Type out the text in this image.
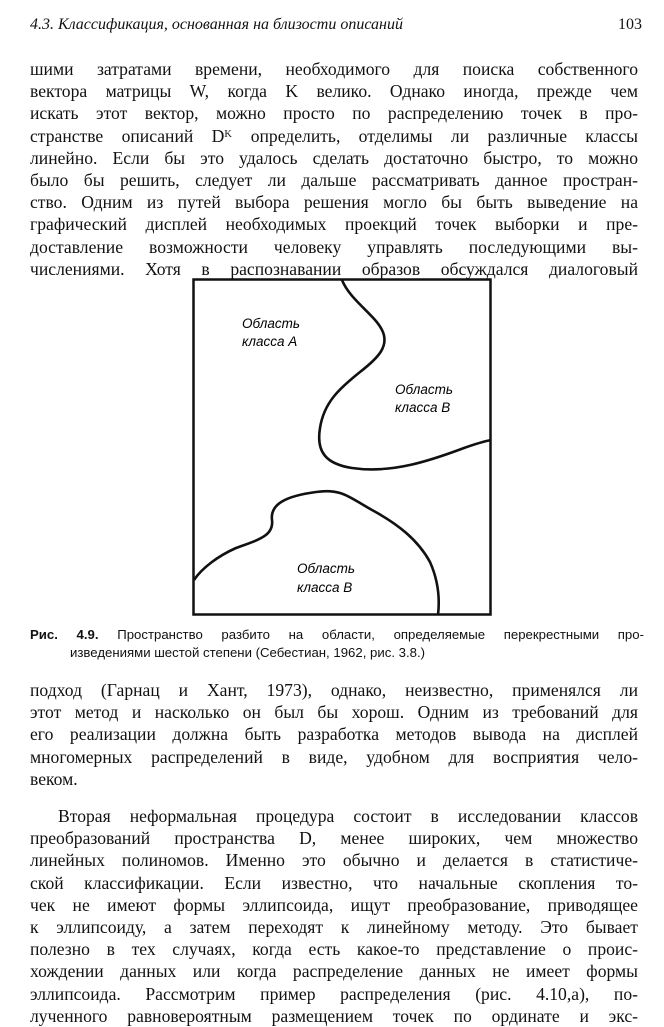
4.3. Классификация, основанная на близости описаний	103
шими затратами времени, необходимого для поиска собственного
вектора матрицы W, когда K велико. Однако иногда, прежде чем
искать этот вектор, можно просто по распределению точек в про-
странстве описаний Dᴷ определить, отделимы ли различные классы
линейно. Если бы это удалось сделать достаточно быстро, то можно
было бы решить, следует ли дальше рассматривать данное простран-
ство. Одним из путей выбора решения могло бы быть выведение на
графический дисплей необходимых проекций точек выборки и пре-
доставление возможности человеку управлять последующими вы-
числениями. Хотя в распознавании образов обсуждался диалоговый
Область
класса А
Область
класса В
Область
класса В
Рис. 4.9. Пространство разбито на области, определяемые перекрестными про-
изведениями шестой степени (Себестиан, 1962, рис. 3.8.)
подход (Гарнац и Хант, 1973), однако, неизвестно, применялся ли
этот метод и насколько он был бы хорош. Одним из требований для
его реализации должна быть разработка методов вывода на дисплей
многомерных распределений в виде, удобном для восприятия чело-
веком.
Вторая неформальная процедура состоит в исследовании классов
преобразований пространства D, менее широких, чем множество
линейных полиномов. Именно это обычно и делается в статистиче-
ской классификации. Если известно, что начальные скопления то-
чек не имеют формы эллипсоида, ищут преобразование, приводящее
к эллипсоиду, а затем переходят к линейному методу. Это бывает
полезно в тех случаях, когда есть какое-то представление о проис-
хождении данных или когда распределение данных не имеет формы
эллипсоида. Рассмотрим пример распределения (рис. 4.10,а), по-
лученного равновероятным размещением точек по ординате и экс-
